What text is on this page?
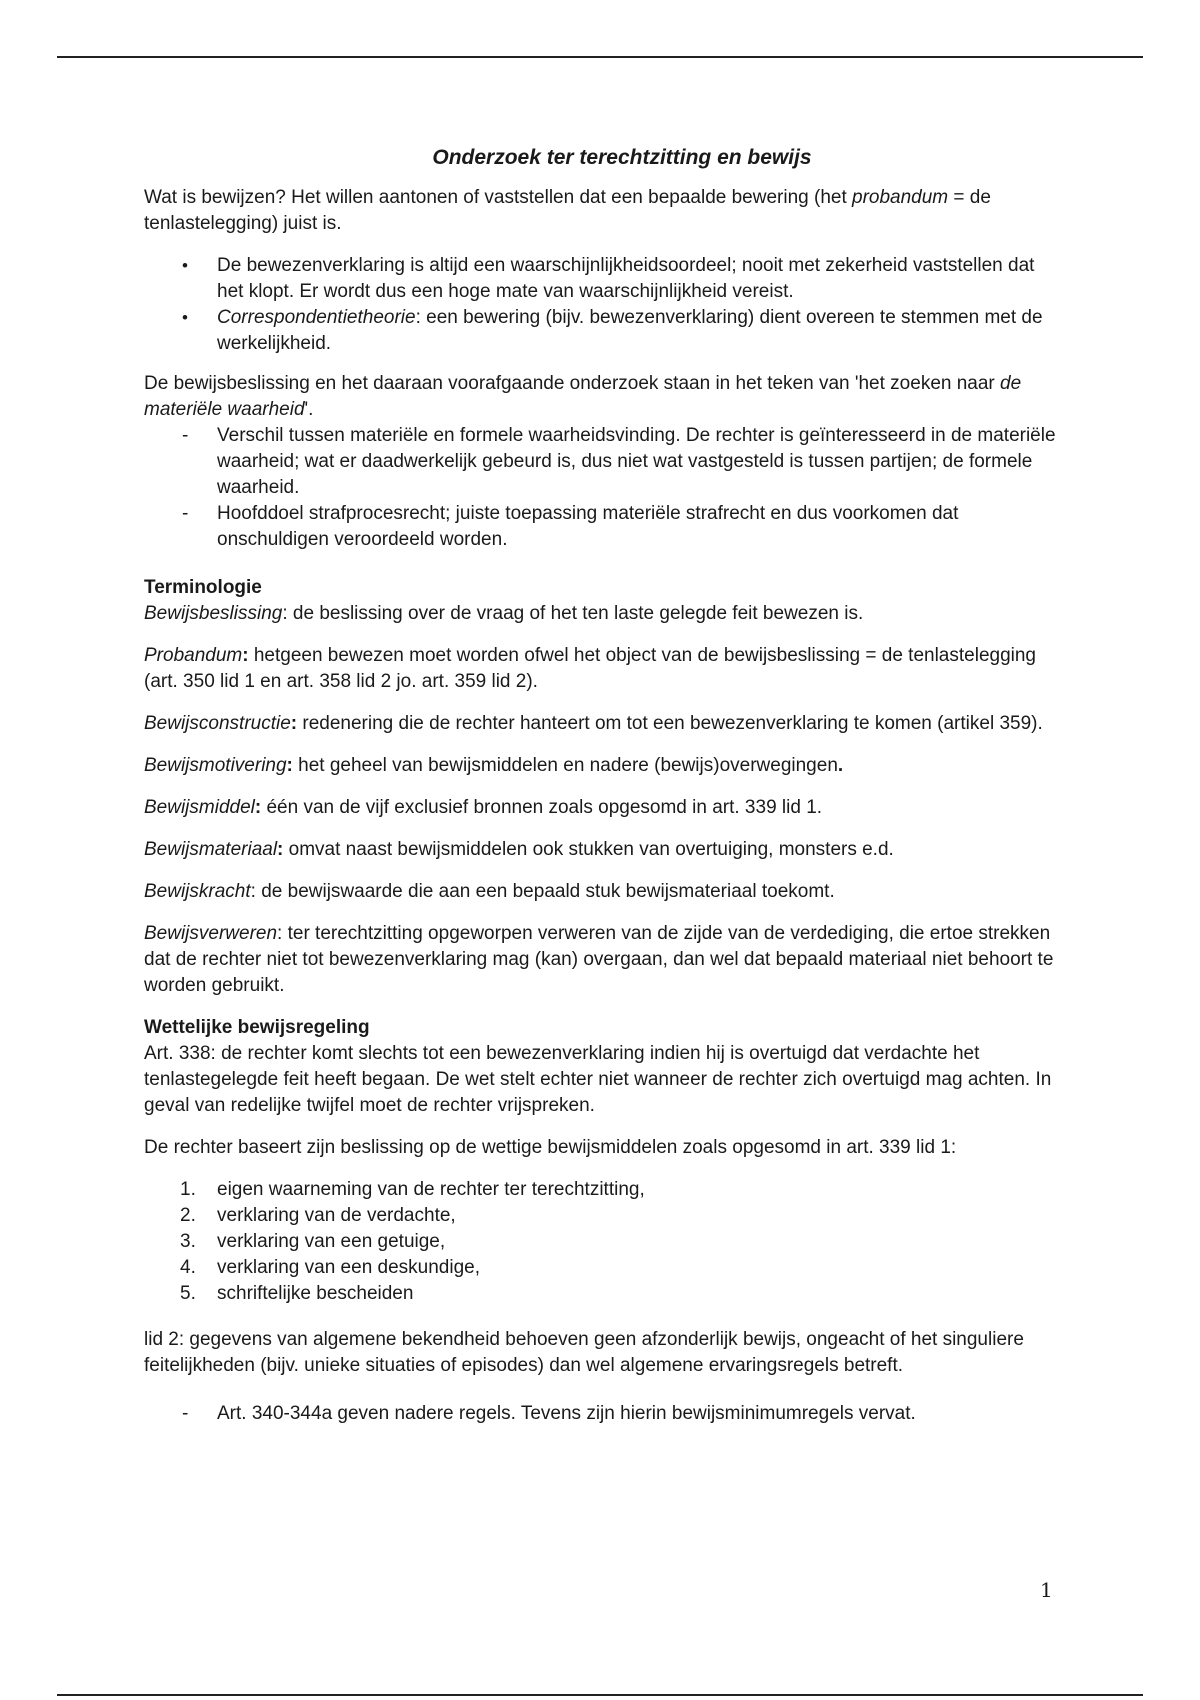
Onderzoek ter terechtzitting en bewijs

Wat is bewijzen? Het willen aantonen of vaststellen dat een bepaalde bewering (het probandum = de tenlastelegging) juist is.

• De bewezenverklaring is altijd een waarschijnlijkheidsoordeel; nooit met zekerheid vaststellen dat het klopt. Er wordt dus een hoge mate van waarschijnlijkheid vereist.
• Correspondentietheorie: een bewering (bijv. bewezenverklaring) dient overeen te stemmen met de werkelijkheid.

De bewijsbeslissing en het daaraan voorafgaande onderzoek staan in het teken van 'het zoeken naar de materiële waarheid'.

- Verschil tussen materiële en formele waarheidsvinding. De rechter is geïnteresseerd in de materiële waarheid; wat er daadwerkelijk gebeurd is, dus niet wat vastgesteld is tussen partijen; de formele waarheid.
- Hoofddoel strafprocesrecht; juiste toepassing materiële strafrecht en dus voorkomen dat onschuldigen veroordeeld worden.
Terminologie

Bewijsbeslissing: de beslissing over de vraag of het ten laste gelegde feit bewezen is.

Probandum: hetgeen bewezen moet worden ofwel het object van de bewijsbeslissing = de tenlastelegging (art. 350 lid 1 en art. 358 lid 2 jo. art. 359 lid 2).

Bewijsconstructie: redenering die de rechter hanteert om tot een bewezenverklaring te komen (artikel 359).

Bewijsmotivering: het geheel van bewijsmiddelen en nadere (bewijs)overwegingen.

Bewijsmiddel: één van de vijf exclusief bronnen zoals opgesomd in art. 339 lid 1.

Bewijsmateriaal: omvat naast bewijsmiddelen ook stukken van overtuiging, monsters e.d.

Bewijskracht: de bewijswaarde die aan een bepaald stuk bewijsmateriaal toekomt.

Bewijsverweren: ter terechtzitting opgeworpen verweren van de zijde van de verdediging, die ertoe strekken dat de rechter niet tot bewezenverklaring mag (kan) overgaan, dan wel dat bepaald materiaal niet behoort te worden gebruikt.

Wettelijke bewijsregeling

Art. 338: de rechter komt slechts tot een bewezenverklaring indien hij is overtuigd dat verdachte het tenlastegelegde feit heeft begaan. De wet stelt echter niet wanneer de rechter zich overtuigd mag achten. In geval van redelijke twijfel moet de rechter vrijspreken.

De rechter baseert zijn beslissing op de wettige bewijsmiddelen zoals opgesomd in art. 339 lid 1:

1. eigen waarneming van de rechter ter terechtzitting,
2. verklaring van de verdachte,
3. verklaring van een getuige,
4. verklaring van een deskundige,
5. schriftelijke bescheiden

lid 2: gegevens van algemene bekendheid behoeven geen afzonderlijk bewijs, ongeacht of het singuliere feitelijkheden (bijv. unieke situaties of episodes) dan wel algemene ervaringsregels betreft.

- Art. 340-344a geven nadere regels. Tevens zijn hierin bewijsminimumregels vervat.
1
